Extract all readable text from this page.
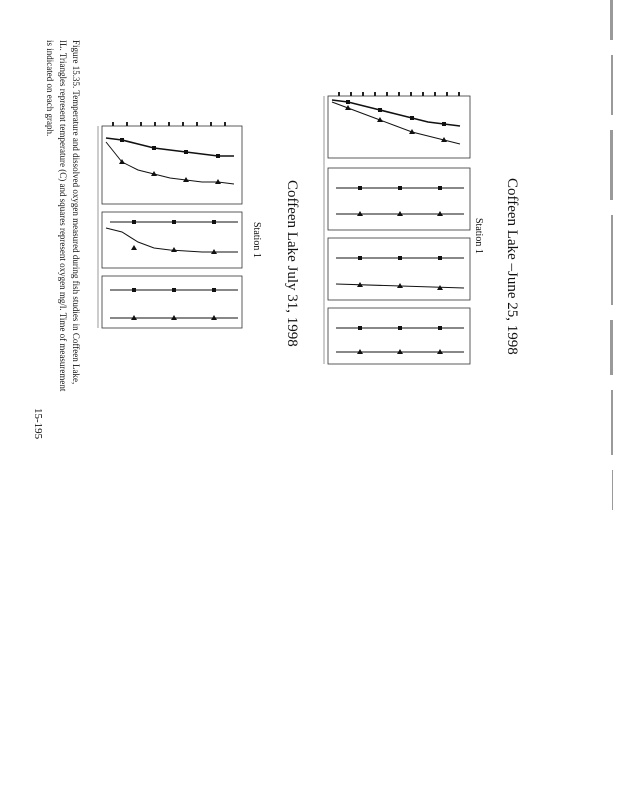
Coffeen Lake –June 25, 1998
Station 1
Coffeen Lake July 31, 1998
Station 1
Figure 15.35. Temperature and dissolved oxygen measured during fish studies in Coffeen Lake, IL. Triangles represent temperature (C) and squares represent oxygen mg/l. Time of measurement is indicated on each graph.
15-195
